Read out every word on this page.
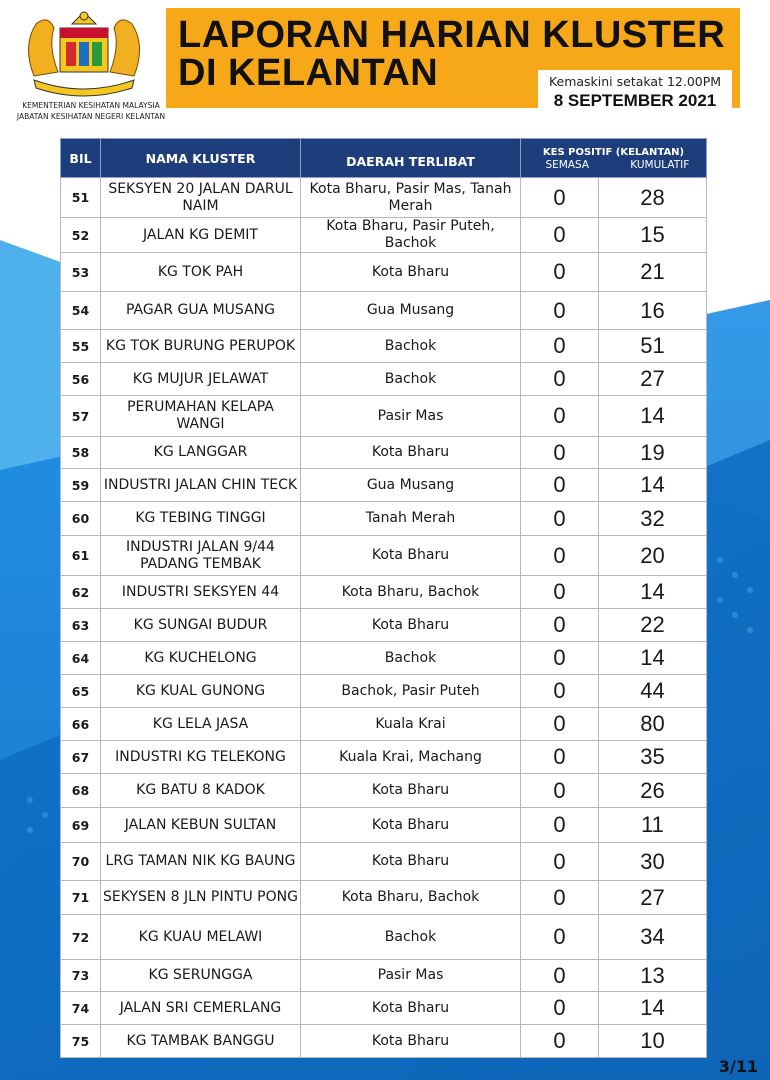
KEMENTERIAN KESIHATAN MALAYSIA
JABATAN KESIHATAN NEGERI KELANTAN
LAPORAN HARIAN KLUSTER
DI KELANTAN	Kemaskini setakat 12.00PM
8 SEPTEMBER 2021
BIL	NAMA KLUSTER	DAERAH TERLIBAT	KES POSITIF (KELANTAN)
SEMASA KUMULATIF	

51	SEKSYEN 20 JALAN DARUL NAIM	Kota Bharu, Pasir Mas, Tanah Merah	0	28
52	JALAN KG DEMIT	Kota Bharu, Pasir Puteh, Bachok	0	15
53	KG TOK PAH	Kota Bharu	0	21
54	PAGAR GUA MUSANG	Gua Musang	0	16
55	KG TOK BURUNG PERUPOK	Bachok	0	51
56	KG MUJUR JELAWAT	Bachok	0	27
57	PERUMAHAN KELAPA WANGI	Pasir Mas	0	14
58	KG LANGGAR	Kota Bharu	0	19
59	INDUSTRI JALAN CHIN TECK	Gua Musang	0	14
60	KG TEBING TINGGI	Tanah Merah	0	32
61	INDUSTRI JALAN 9/44 PADANG TEMBAK	Kota Bharu	0	20
62	INDUSTRI SEKSYEN 44	Kota Bharu, Bachok	0	14
63	KG SUNGAI BUDUR	Kota Bharu	0	22
64	KG KUCHELONG	Bachok	0	14
65	KG KUAL GUNONG	Bachok, Pasir Puteh	0	44
66	KG LELA JASA	Kuala Krai	0	80
67	INDUSTRI KG TELEKONG	Kuala Krai, Machang	0	35
68	KG BATU 8 KADOK	Kota Bharu	0	26
69	JALAN KEBUN SULTAN	Kota Bharu	0	11
70	LRG TAMAN NIK KG BAUNG	Kota Bharu	0	30
71	SEKYSEN 8 JLN PINTU PONG	Kota Bharu, Bachok	0	27
72	KG KUAU MELAWI	Bachok	0	34
73	KG SERUNGGA	Pasir Mas	0	13
74	JALAN SRI CEMERLANG	Kota Bharu	0	14
75	KG TAMBAK BANGGU	Kota Bharu	0	10
3/11
